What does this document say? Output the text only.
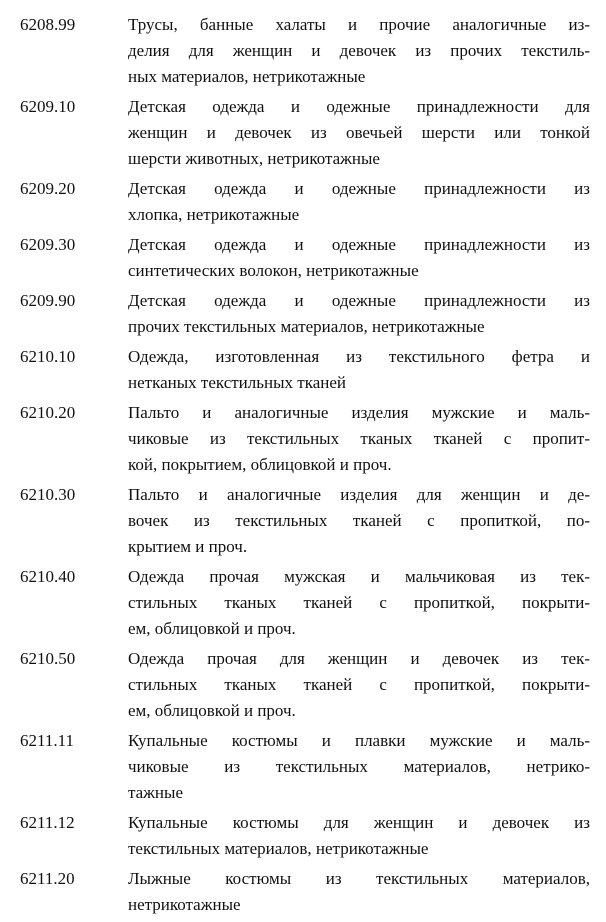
6208.99	Трусы, банные халаты и прочие аналогичные из-
делия для женщин и девочек из прочих текстиль-
ных материалов, нетрикотажные
6209.10	Детская одежда и одежные принадлежности для
женщин и девочек из овечьей шерсти или тонкой
шерсти животных, нетрикотажные
6209.20	Детская одежда и одежные принадлежности из
хлопка, нетрикотажные
6209.30	Детская одежда и одежные принадлежности из
синтетических волокон, нетрикотажные
6209.90	Детская одежда и одежные принадлежности из
прочих текстильных материалов, нетрикотажные
6210.10	Одежда, изготовленная из текстильного фетра и
нетканых текстильных тканей
6210.20	Пальто и аналогичные изделия мужские и маль-
чиковые из текстильных тканых тканей с пропит-
кой, покрытием, облицовкой и проч.
6210.30	Пальто и аналогичные изделия для женщин и де-
вочек из текстильных тканей с пропиткой, по-
крытием и проч.
6210.40	Одежда прочая мужская и мальчиковая из тек-
стильных тканых тканей с пропиткой, покрыти-
ем, облицовкой и проч.
6210.50	Одежда прочая для женщин и девочек из тек-
стильных тканых тканей с пропиткой, покрыти-
ем, облицовкой и проч.
6211.11	Купальные костюмы и плавки мужские и маль-
чиковые из текстильных материалов, нетрико-
тажные
6211.12	Купальные костюмы для женщин и девочек из
текстильных материалов, нетрикотажные
6211.20	Лыжные костюмы из текстильных материалов,
нетрикотажные
